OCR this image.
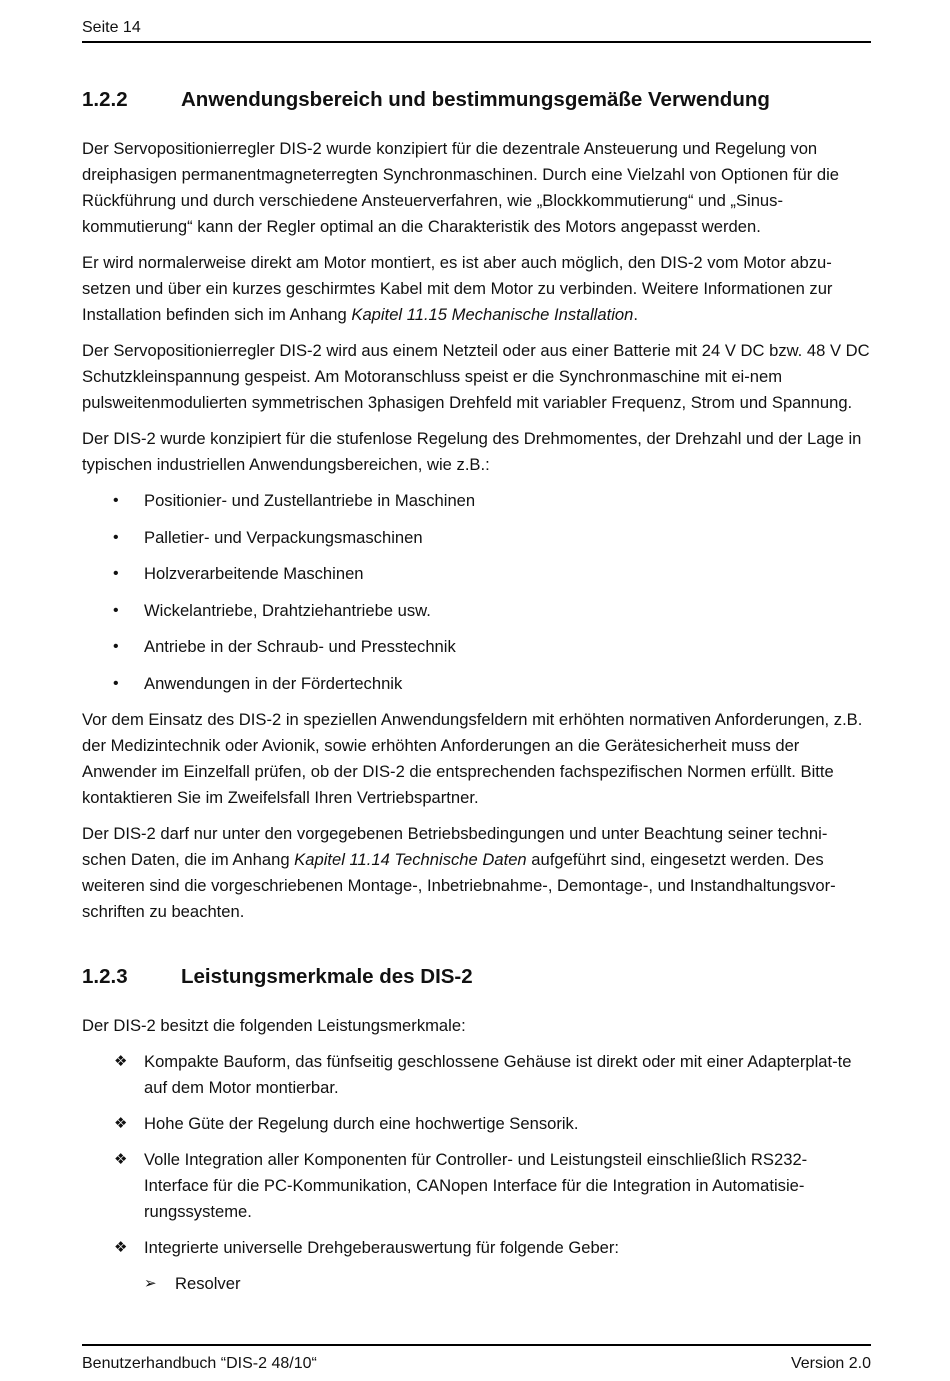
Seite 14
1.2.2	Anwendungsbereich und bestimmungsgemäße Verwendung

Der Servopositionierregler DIS-2 wurde konzipiert für die dezentrale Ansteuerung und Regelung von dreiphasigen permanentmagneterregten Synchronmaschinen. Durch eine Vielzahl von Optionen für die Rückführung und durch verschiedene Ansteuerverfahren, wie „Blockkommutierung“ und „Sinus-kommutierung“ kann der Regler optimal an die Charakteristik des Motors angepasst werden.

Er wird normalerweise direkt am Motor montiert, es ist aber auch möglich, den DIS-2 vom Motor abzu-setzen und über ein kurzes geschirmtes Kabel mit dem Motor zu verbinden. Weitere Informationen zur Installation befinden sich im Anhang Kapitel 11.15 Mechanische Installation.

Der Servopositionierregler DIS-2 wird aus einem Netzteil oder aus einer Batterie mit 24 V DC bzw. 48 V DC Schutzkleinspannung gespeist. Am Motoranschluss speist er die Synchronmaschine mit ei-nem pulsweitenmodulierten symmetrischen 3phasigen Drehfeld mit variabler Frequenz, Strom und Spannung.

Der DIS-2 wurde konzipiert für die stufenlose Regelung des Drehmomentes, der Drehzahl und der Lage in typischen industriellen Anwendungsbereichen, wie z.B.:

• Positionier- und Zustellantriebe in Maschinen
• Palletier- und Verpackungsmaschinen
• Holzverarbeitende Maschinen
• Wickelantriebe, Drahtziehantriebe usw.
• Antriebe in der Schraub- und Presstechnik
• Anwendungen in der Fördertechnik

Vor dem Einsatz des DIS-2 in speziellen Anwendungsfeldern mit erhöhten normativen Anforderungen, z.B. der Medizintechnik oder Avionik, sowie erhöhten Anforderungen an die Gerätesicherheit muss der Anwender im Einzelfall prüfen, ob der DIS-2 die entsprechenden fachspezifischen Normen erfüllt. Bitte kontaktieren Sie im Zweifelsfall Ihren Vertriebspartner.

Der DIS-2 darf nur unter den vorgegebenen Betriebsbedingungen und unter Beachtung seiner techni-schen Daten, die im Anhang Kapitel 11.14 Technische Daten aufgeführt sind, eingesetzt werden. Des weiteren sind die vorgeschriebenen Montage-, Inbetriebnahme-, Demontage-, und Instandhaltungsvor-schriften zu beachten.

1.2.3	Leistungsmerkmale des DIS-2

Der DIS-2 besitzt die folgenden Leistungsmerkmale:

❖ Kompakte Bauform, das fünfseitig geschlossene Gehäuse ist direkt oder mit einer Adapterplat-te auf dem Motor montierbar.
❖ Hohe Güte der Regelung durch eine hochwertige Sensorik.
❖ Volle Integration aller Komponenten für Controller- und Leistungsteil einschließlich RS232-Interface für die PC-Kommunikation, CANopen Interface für die Integration in Automatisie-rungssysteme.
❖ Integrierte universelle Drehgeberauswertung für folgende Geber:
➢ Resolver
Benutzerhandbuch “DIS-2 48/10“	Version 2.0
